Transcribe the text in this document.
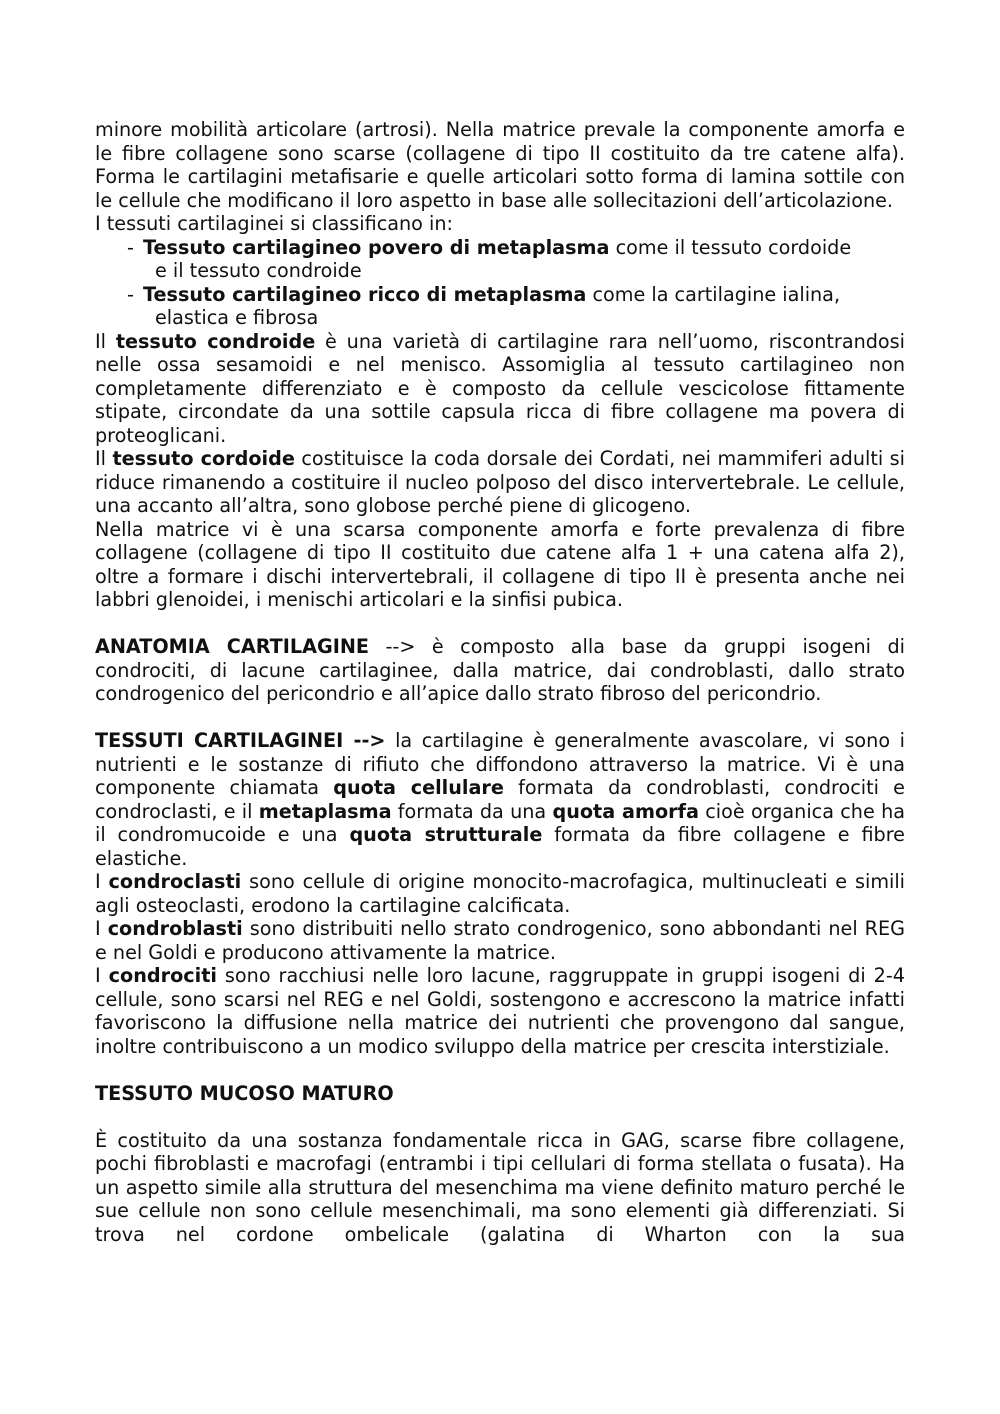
minore mobilità articolare (artrosi). Nella matrice prevale la componente amorfa e le fibre collagene sono scarse (collagene di tipo II costituito da tre catene alfa). Forma le cartilagini metafisarie e quelle articolari sotto forma di lamina sottile con le cellule che modificano il loro aspetto in base alle sollecitazioni dell’articolazione.

I tessuti cartilaginei si classificano in:

- Tessuto cartilagineo povero di metaplasma come il tessuto cordoide
e il tessuto condroide
- Tessuto cartilagineo ricco di metaplasma come la cartilagine ialina,
elastica e fibrosa

Il tessuto condroide è una varietà di cartilagine rara nell’uomo, riscontrandosi nelle ossa sesamoidi e nel menisco. Assomiglia al tessuto cartilagineo non completamente differenziato e è composto da cellule vescicolose fittamente stipate, circondate da una sottile capsula ricca di fibre collagene ma povera di proteoglicani.

Il tessuto cordoide costituisce la coda dorsale dei Cordati, nei mammiferi adulti si riduce rimanendo a costituire il nucleo polposo del disco intervertebrale. Le cellule, una accanto all’altra, sono globose perché piene di glicogeno.

Nella matrice vi è una scarsa componente amorfa e forte prevalenza di fibre collagene (collagene di tipo II costituito due catene alfa 1 + una catena alfa 2), oltre a formare i dischi intervertebrali, il collagene di tipo II è presenta anche nei labbri glenoidei, i menischi articolari e la sinfisi pubica.

ANATOMIA CARTILAGINE --> è composto alla base da gruppi isogeni di condrociti, di lacune cartilaginee, dalla matrice, dai condroblasti, dallo strato condrogenico del pericondrio e all’apice dallo strato fibroso del pericondrio.

TESSUTI CARTILAGINEI --> la cartilagine è generalmente avascolare, vi sono i nutrienti e le sostanze di rifiuto che diffondono attraverso la matrice. Vi è una componente chiamata quota cellulare formata da condroblasti, condrociti e condroclasti, e il metaplasma formata da una quota amorfa cioè organica che ha il condromucoide e una quota strutturale formata da fibre collagene e fibre elastiche.

I condroclasti sono cellule di origine monocito-macrofagica, multinucleati e simili agli osteoclasti, erodono la cartilagine calcificata.

I condroblasti sono distribuiti nello strato condrogenico, sono abbondanti nel REG e nel Goldi e producono attivamente la matrice.

I condrociti sono racchiusi nelle loro lacune, raggruppate in gruppi isogeni di 2-4 cellule, sono scarsi nel REG e nel Goldi, sostengono e accrescono la matrice infatti favoriscono la diffusione nella matrice dei nutrienti che provengono dal sangue, inoltre contribuiscono a un modico sviluppo della matrice per crescita interstiziale.

TESSUTO MUCOSO MATURO

È costituito da una sostanza fondamentale ricca in GAG, scarse fibre collagene, pochi fibroblasti e macrofagi (entrambi i tipi cellulari di forma stellata o fusata). Ha un aspetto simile alla struttura del mesenchima ma viene definito maturo perché le sue cellule non sono cellule mesenchimali, ma sono elementi già differenziati. Si trova nel cordone ombelicale (galatina di Wharton con la sua
